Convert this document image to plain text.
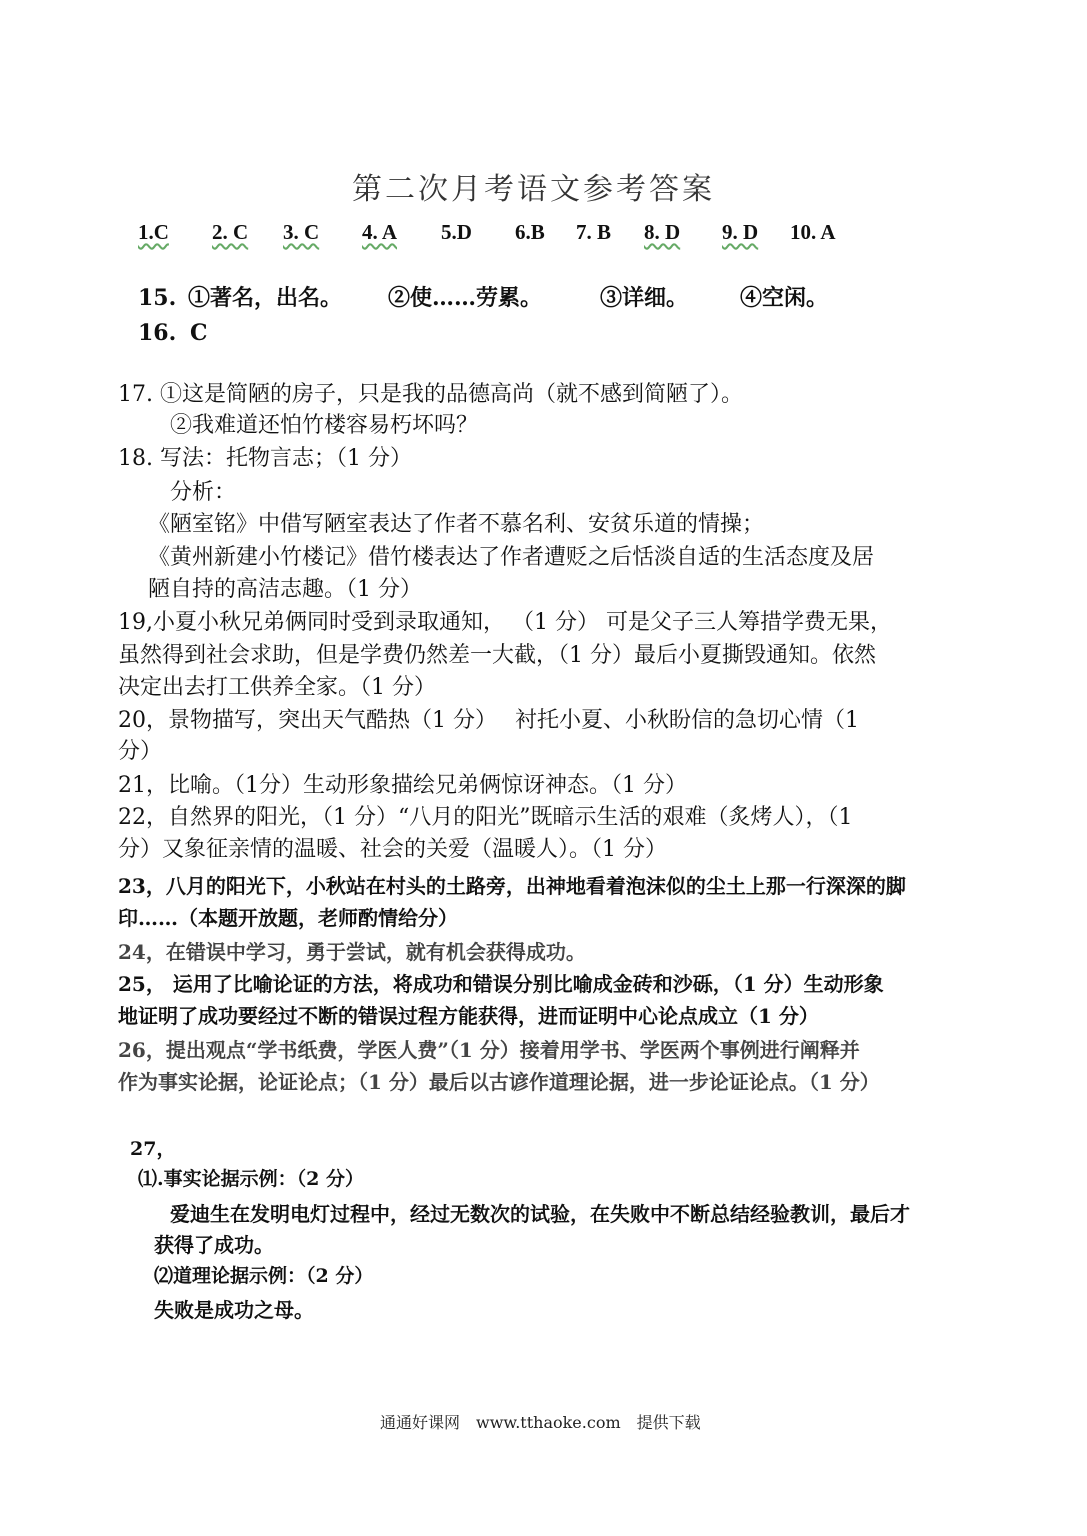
第二次月考语文参考答案
1.C 2. C 3. C 4. A 5.D 6.B 7. B 8. D 9. D 10. A
15. ①著名，出名。 ②使……劳累。	③详细。 ④空闲。
16. C
17. ①这是简陋的房子，只是我的品德高尚（就不感到简陋了）。
②我难道还怕竹楼容易朽坏吗？
18. 写法：托物言志；（1 分）
分析：
《陋室铭》中借写陋室表达了作者不慕名利、安贫乐道的情操；
《黄州新建小竹楼记》借竹楼表达了作者遭贬之后恬淡自适的生活态度及居
陋自持的高洁志趣。（1 分）
19,小夏小秋兄弟俩同时受到录取通知， （1 分） 可是父子三人筹措学费无果，
虽然得到社会求助，但是学费仍然差一大截，（1 分）最后小夏撕毁通知。依然
决定出去打工供养全家。（1 分）
20，景物描写，突出天气酷热（1 分）　 衬托小夏、小秋盼信的急切心情（1
分）
21，比喻。（1分）生动形象描绘兄弟俩惊讶神态。（1 分）
22，自然界的阳光，（1 分）“八月的阳光”既暗示生活的艰难（炙烤人），（1
分）又象征亲情的温暖、社会的关爱（温暖人）。（1 分）
23，八月的阳光下，小秋站在村头的土路旁，出神地看着泡沫似的尘土上那一行深深的脚
印……（本题开放题，老师酌情给分）
24，在错误中学习，勇于尝试，就有机会获得成功。
25， 运用了比喻论证的方法，将成功和错误分别比喻成金砖和沙砾，（1 分）生动形象
地证明了成功要经过不断的错误过程方能获得，进而证明中心论点成立（1 分）
26，提出观点“学书纸费，学医人费”（1 分）接着用学书、学医两个事例进行阐释并
作为事实论据，论证论点；（1 分）最后以古谚作道理论据，进一步论证论点。（1 分）
27，
⑴.事实论据示例：（2 分）
爱迪生在发明电灯过程中，经过无数次的试验，在失败中不断总结经验教训，最后才
获得了成功。
⑵道理论据示例：（2 分）
失败是成功之母。
通通好课网　www.tthaoke.com　提供下载
